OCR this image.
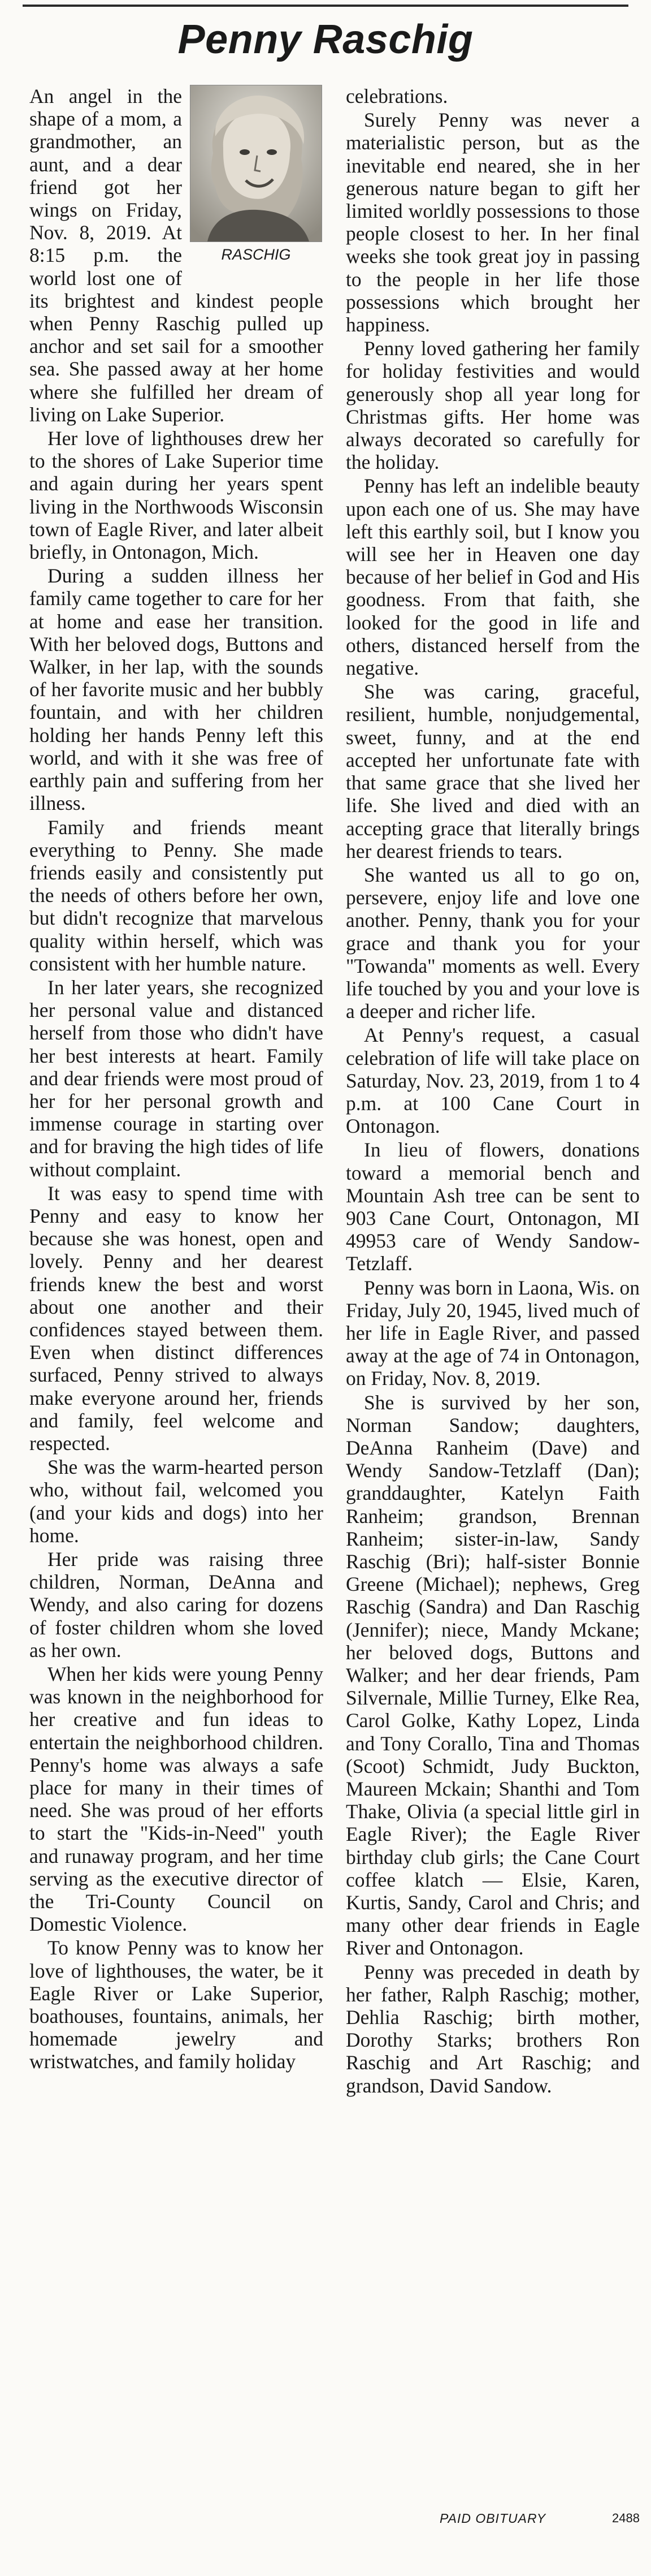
Penny Raschig
RASCHIG

An angel in the shape of a mom, a grandmother, an aunt, and a dear friend got her wings on Friday, Nov. 8, 2019. At 8:15 p.m. the world lost one of its brightest and kindest people when Penny Raschig pulled up anchor and set sail for a smoother sea. She passed away at her home where she fulfilled her dream of living on Lake Superior.

Her love of lighthouses drew her to the shores of Lake Superior time and again during her years spent living in the Northwoods Wisconsin town of Eagle River, and later albeit briefly, in Ontonagon, Mich.

During a sudden illness her family came together to care for her at home and ease her transition. With her beloved dogs, Buttons and Walker, in her lap, with the sounds of her favorite music and her bubbly fountain, and with her children holding her hands Penny left this world, and with it she was free of earthly pain and suffering from her illness.

Family and friends meant everything to Penny. She made friends easily and consistently put the needs of others before her own, but didn't recognize that marvelous quality within herself, which was consistent with her humble nature.

In her later years, she recognized her personal value and distanced herself from those who didn't have her best interests at heart. Family and dear friends were most proud of her for her personal growth and immense courage in starting over and for braving the high tides of life without complaint.

It was easy to spend time with Penny and easy to know her because she was honest, open and lovely. Penny and her dearest friends knew the best and worst about one another and their confidences stayed between them. Even when distinct differences surfaced, Penny strived to always make everyone around her, friends and family, feel welcome and respected.

She was the warm-hearted person who, without fail, welcomed you (and your kids and dogs) into her home.

Her pride was raising three children, Norman, DeAnna and Wendy, and also caring for dozens of foster children whom she loved as her own.

When her kids were young Penny was known in the neighborhood for her creative and fun ideas to entertain the neighborhood children. Penny's home was always a safe place for many in their times of need. She was proud of her efforts to start the "Kids-in-Need" youth and runaway program, and her time serving as the executive director of the Tri-County Council on Domestic Violence.

To know Penny was to know her love of lighthouses, the water, be it Eagle River or Lake Superior, boathouses, fountains, animals, her homemade jewelry and wristwatches, and family holiday

celebrations.

Surely Penny was never a materialistic person, but as the inevitable end neared, she in her generous nature began to gift her limited worldly possessions to those people closest to her. In her final weeks she took great joy in passing to the people in her life those possessions which brought her happiness.

Penny loved gathering her family for holiday festivities and would generously shop all year long for Christmas gifts. Her home was always decorated so carefully for the holiday.

Penny has left an indelible beauty upon each one of us. She may have left this earthly soil, but I know you will see her in Heaven one day because of her belief in God and His goodness. From that faith, she looked for the good in life and others, distanced herself from the negative.

She was caring, graceful, resilient, humble, nonjudgemental, sweet, funny, and at the end accepted her unfortunate fate with that same grace that she lived her life. She lived and died with an accepting grace that literally brings her dearest friends to tears.

She wanted us all to go on, persevere, enjoy life and love one another. Penny, thank you for your grace and thank you for your "Towanda" moments as well. Every life touched by you and your love is a deeper and richer life.

At Penny's request, a casual celebration of life will take place on Saturday, Nov. 23, 2019, from 1 to 4 p.m. at 100 Cane Court in Ontonagon.

In lieu of flowers, donations toward a memorial bench and Mountain Ash tree can be sent to 903 Cane Court, Ontonagon, MI 49953 care of Wendy Sandow-Tetzlaff.

Penny was born in Laona, Wis. on Friday, July 20, 1945, lived much of her life in Eagle River, and passed away at the age of 74 in Ontonagon, on Friday, Nov. 8, 2019.

She is survived by her son, Norman Sandow; daughters, DeAnna Ranheim (Dave) and Wendy Sandow-Tetzlaff (Dan); granddaughter, Katelyn Faith Ranheim; grandson, Brennan Ranheim; sister-in-law, Sandy Raschig (Bri); half-sister Bonnie Greene (Michael); nephews, Greg Raschig (Sandra) and Dan Raschig (Jennifer); niece, Mandy Mckane; her beloved dogs, Buttons and Walker; and her dear friends, Pam Silvernale, Millie Turney, Elke Rea, Carol Golke, Kathy Lopez, Linda and Tony Corallo, Tina and Thomas (Scoot) Schmidt, Judy Buckton, Maureen Mckain; Shanthi and Tom Thake, Olivia (a special little girl in Eagle River); the Eagle River birthday club girls; the Cane Court coffee klatch — Elsie, Karen, Kurtis, Sandy, Carol and Chris; and many other dear friends in Eagle River and Ontonagon.

Penny was preceded in death by her father, Ralph Raschig; mother, Dehlia Raschig; birth mother, Dorothy Starks; brothers Ron Raschig and Art Raschig; and grandson, David Sandow.

PAID OBITUARY	2488
